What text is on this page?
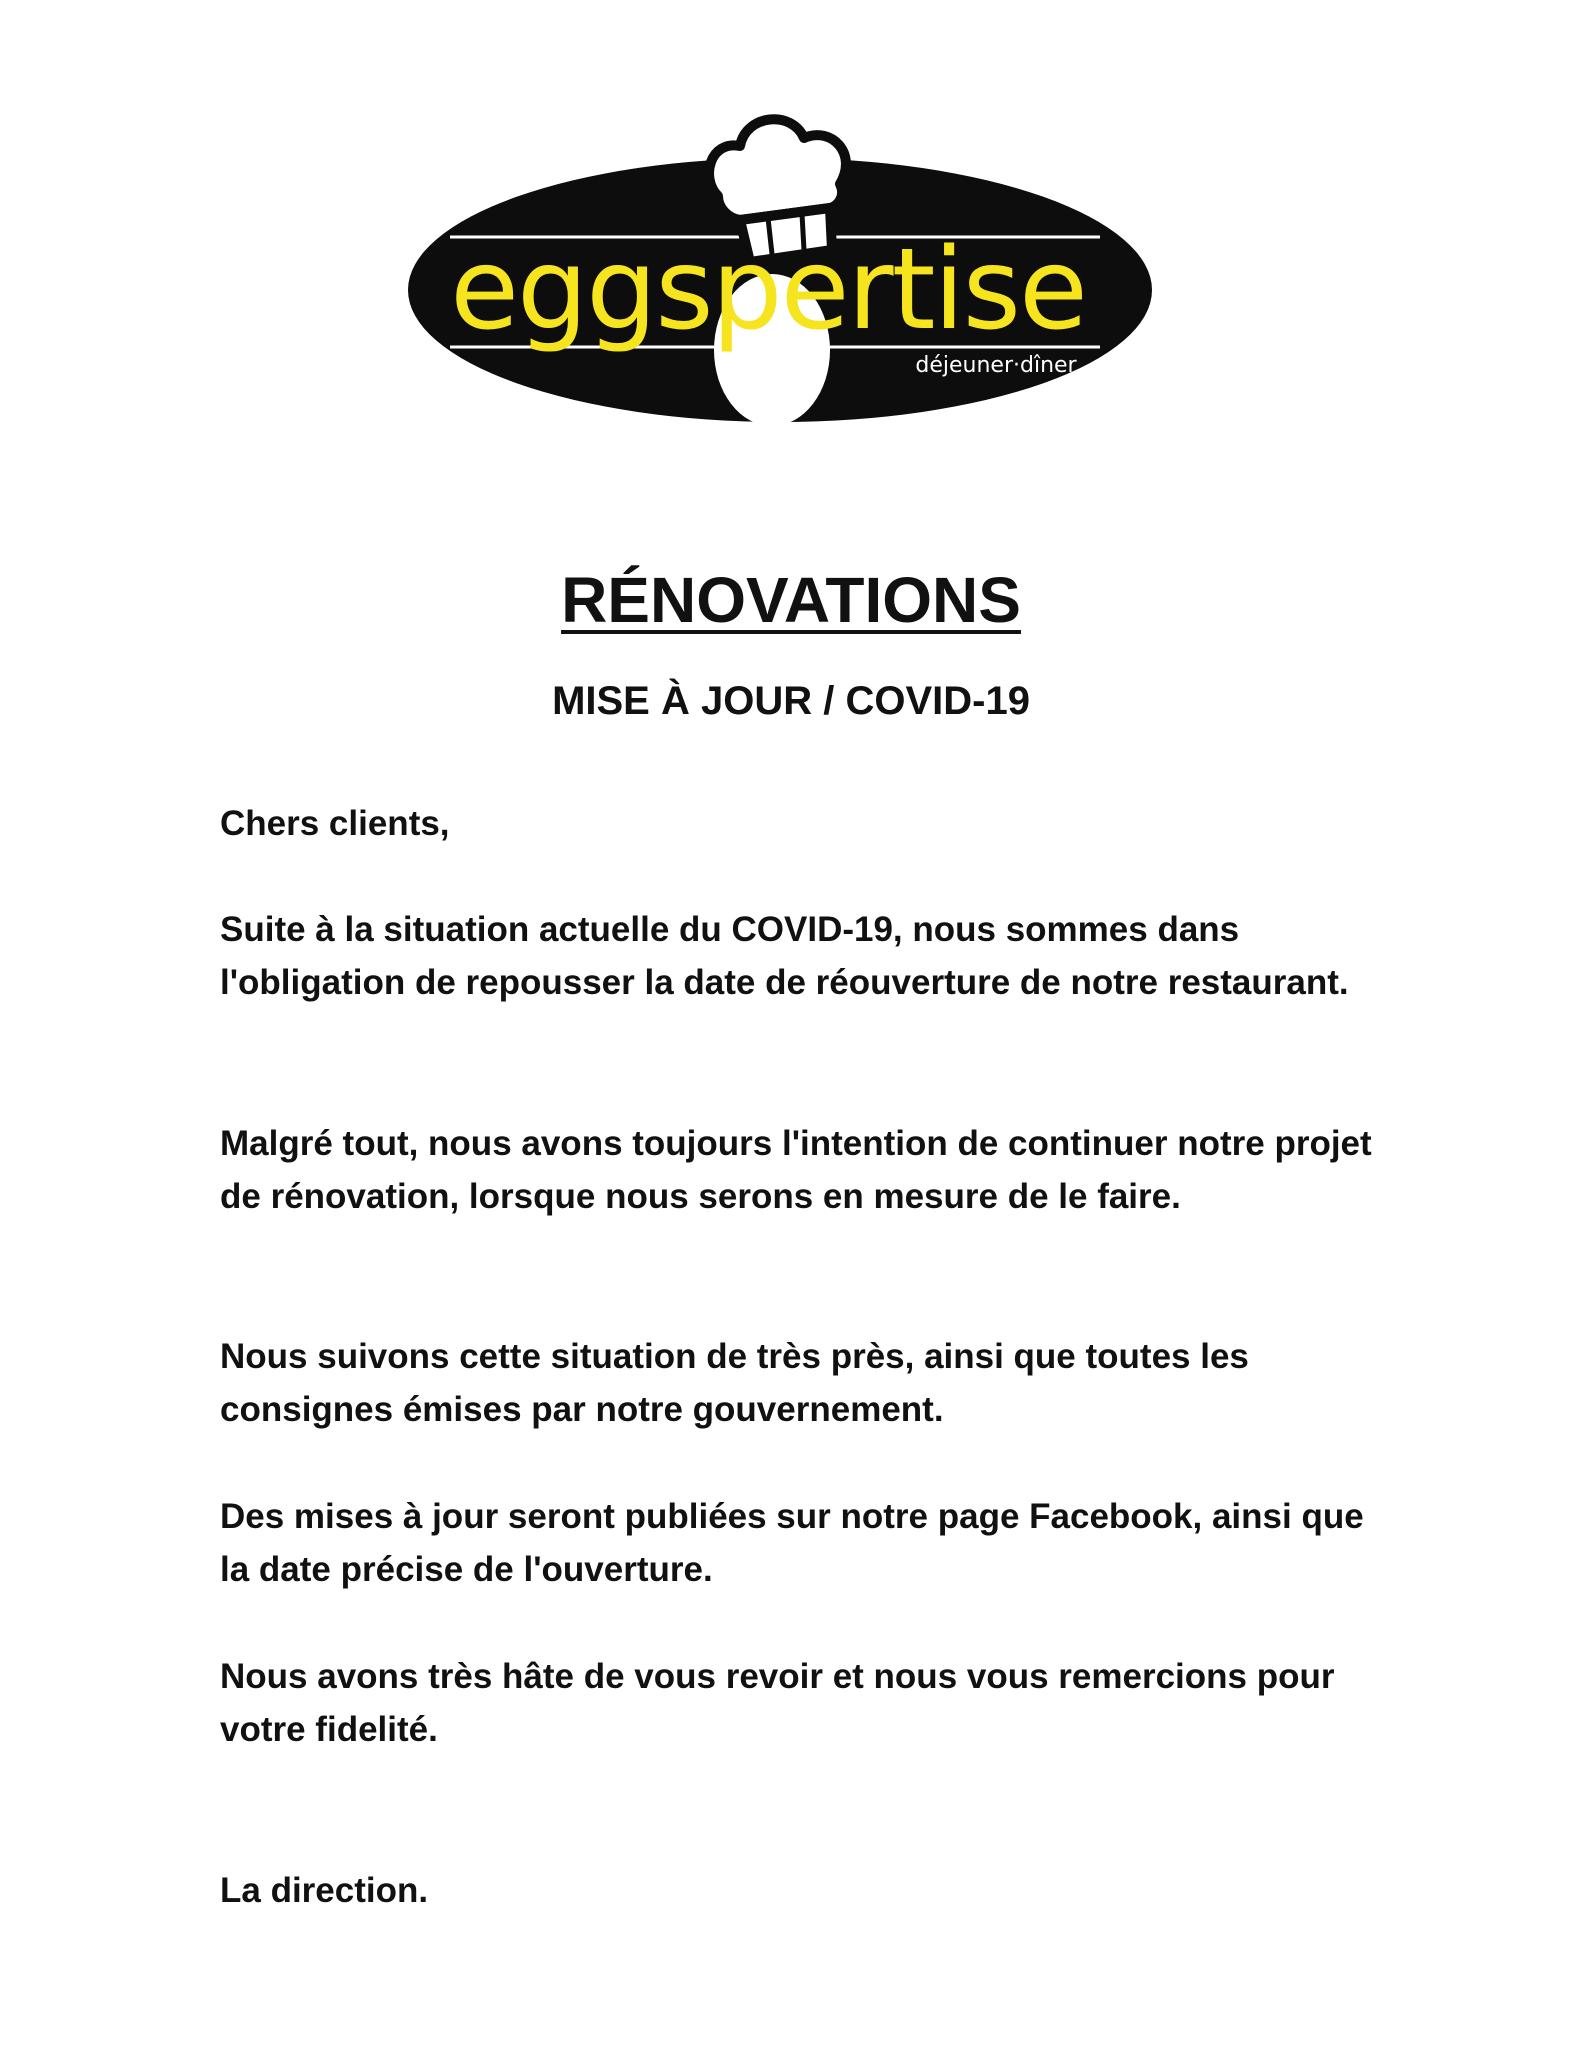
eggspertise
déjeuner·dîner
RÉNOVATIONS
MISE À JOUR / COVID-19

Chers clients,

Suite à la situation actuelle du COVID-19, nous sommes dans l'obligation de repousser la date de réouverture de notre restaurant.

Malgré tout, nous avons toujours l'intention de continuer notre projet de rénovation, lorsque nous serons en mesure de le faire.

Nous suivons cette situation de très près, ainsi que toutes les consignes émises par notre gouvernement.

Des mises à jour seront publiées sur notre page Facebook, ainsi que la date précise de l'ouverture.

Nous avons très hâte de vous revoir et nous vous remercions pour votre fidelité.

La direction.
